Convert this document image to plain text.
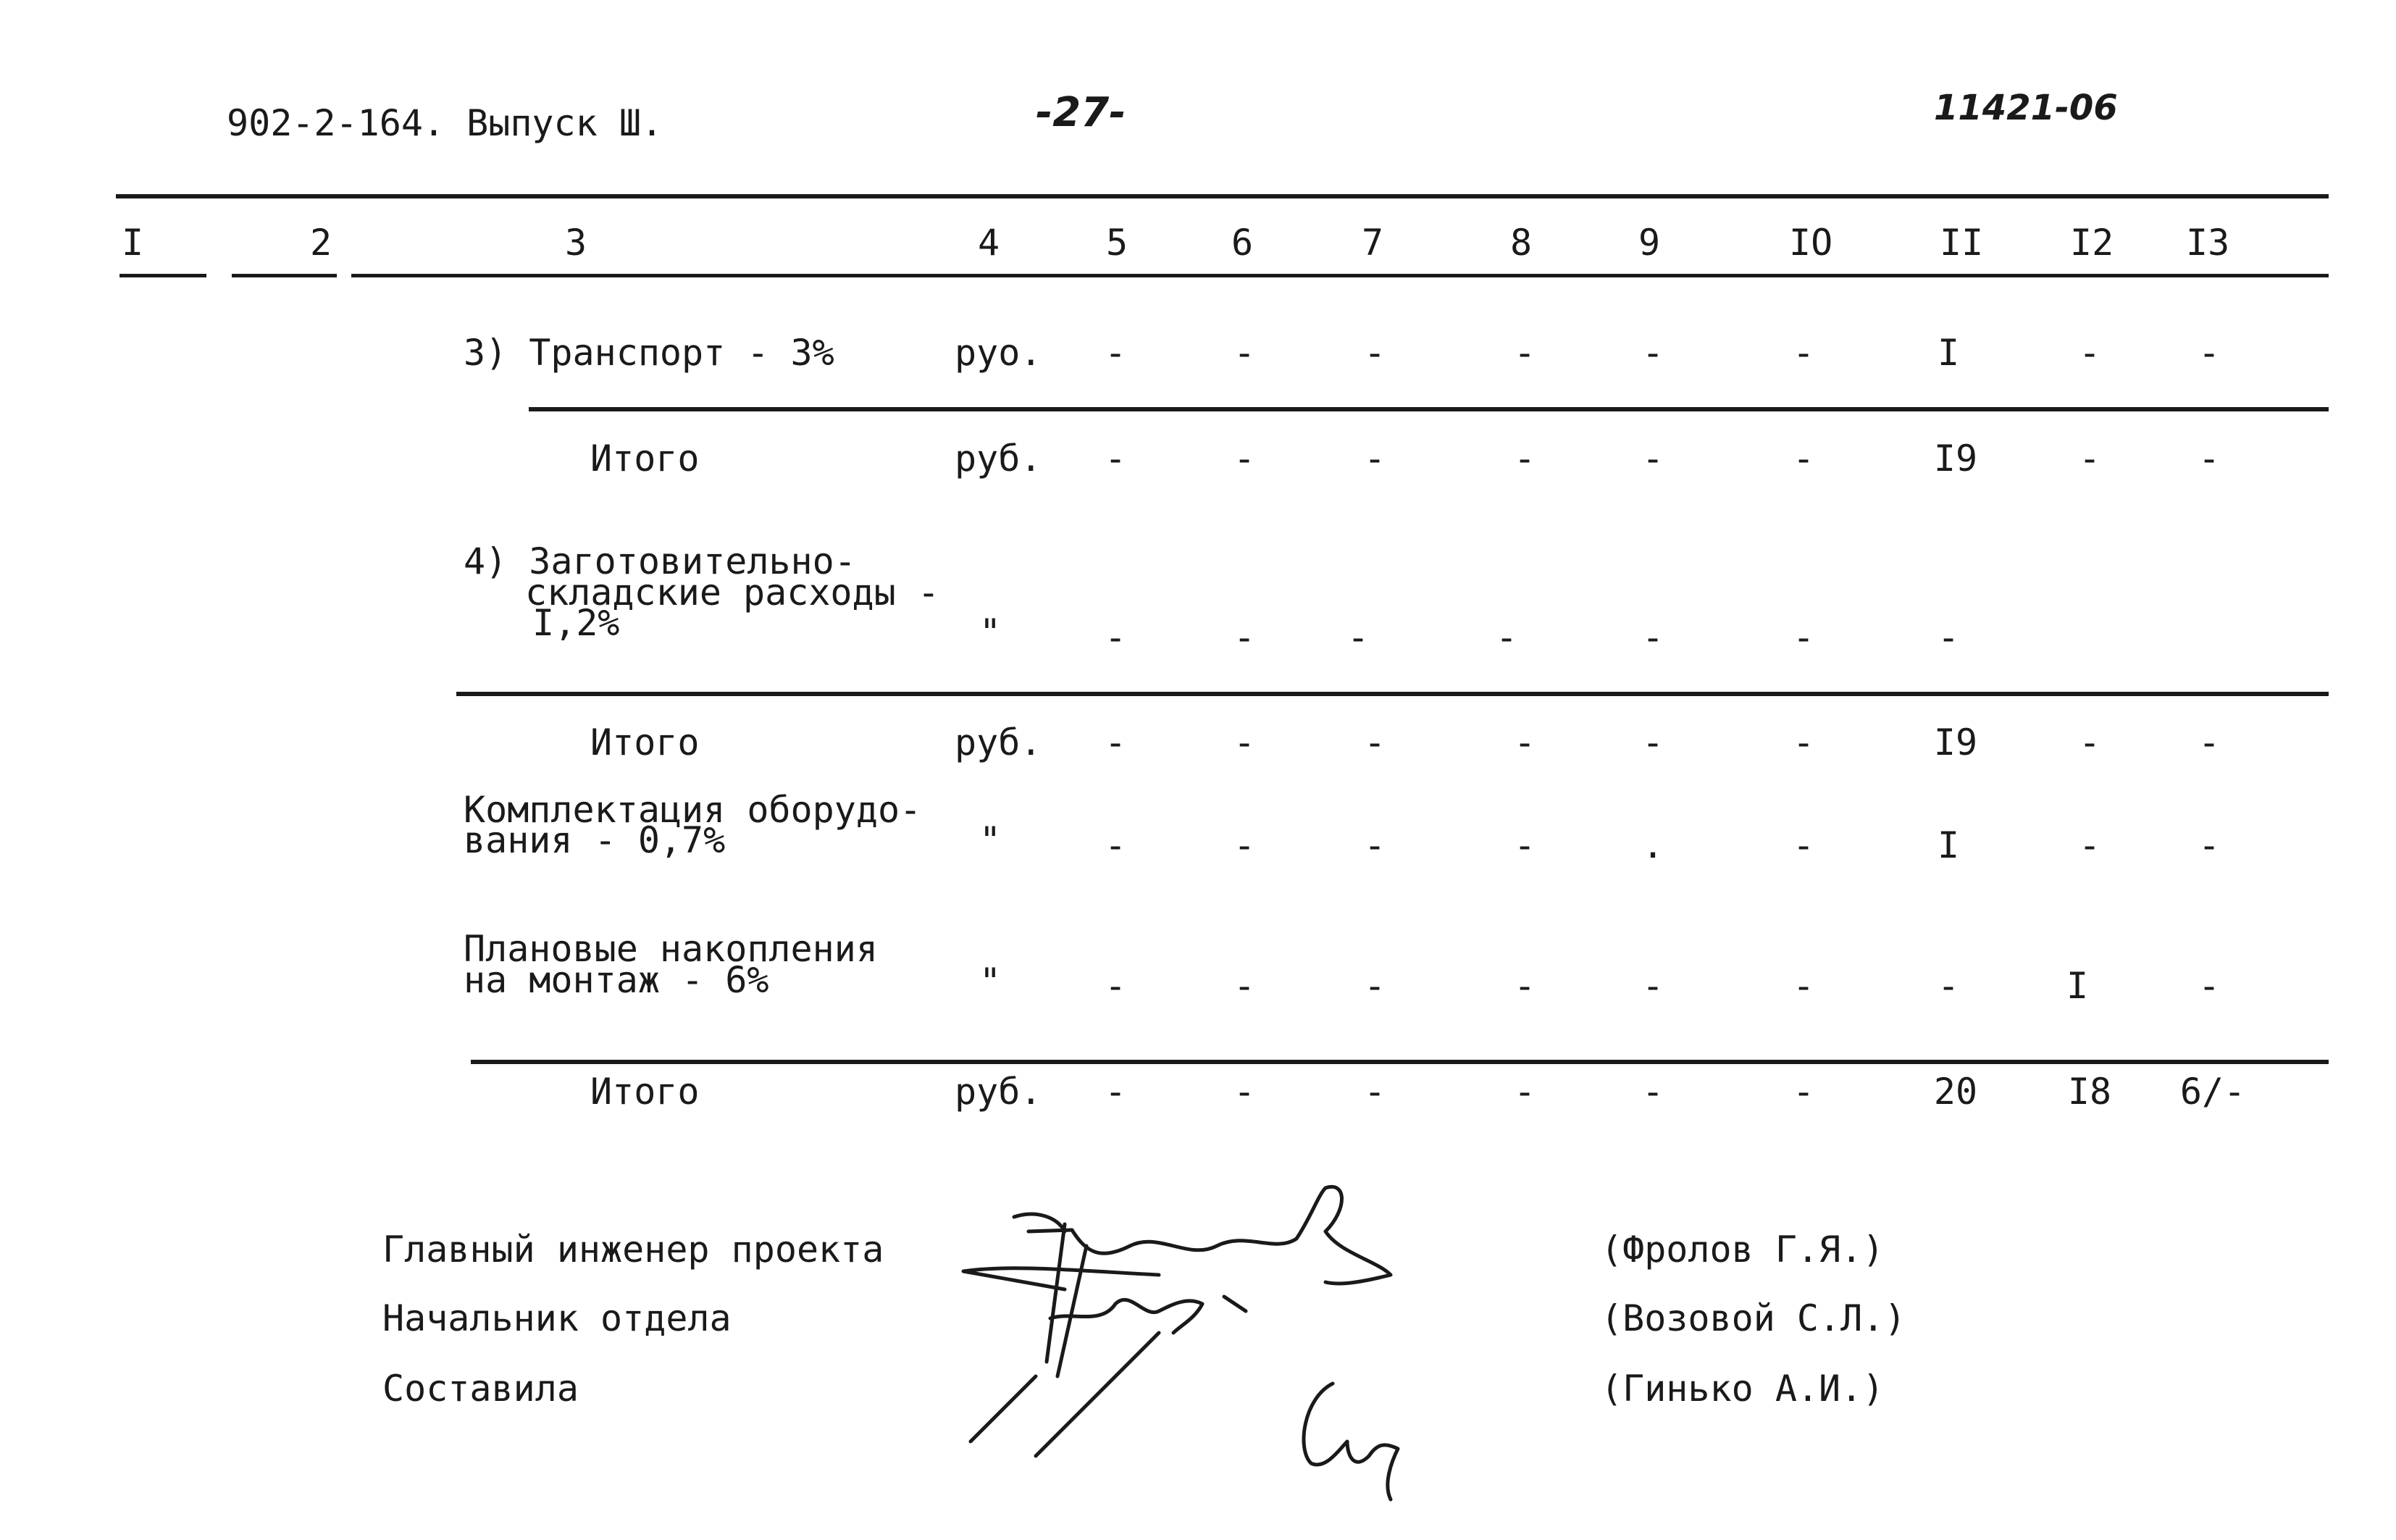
902-2-164. Выпуск Ш.	-27-	11421-06
I	2	3	4	5	6	7	8	9	IO	II I2 I3
3) Транспорт - 3%	руо. -	-	-	-	-	-	I	-	-
Итого	руб. -	-	-	-	-	-	I9	-	-
4) Заготовительно-
складские расходы -
I,2%	"	-	-	-	-	-	-	-
Итого	руб. -	-	-	-	-	-	I9	-	-
Комплектация оборудо-
вания - 0,7%	"	-	-	-	-	.	-	I	-	-
Плановые накопления
на монтаж - 6%	"	-	-	-	-	-	-	-	I	-
Итого	руб. -	-	-	-	-	-	20 I8 6/-
Главный инженер проекта	(Фролов Г.Я.)
Начальник отдела	(Возовой С.Л.)
Составила	(Гинько А.И.)
